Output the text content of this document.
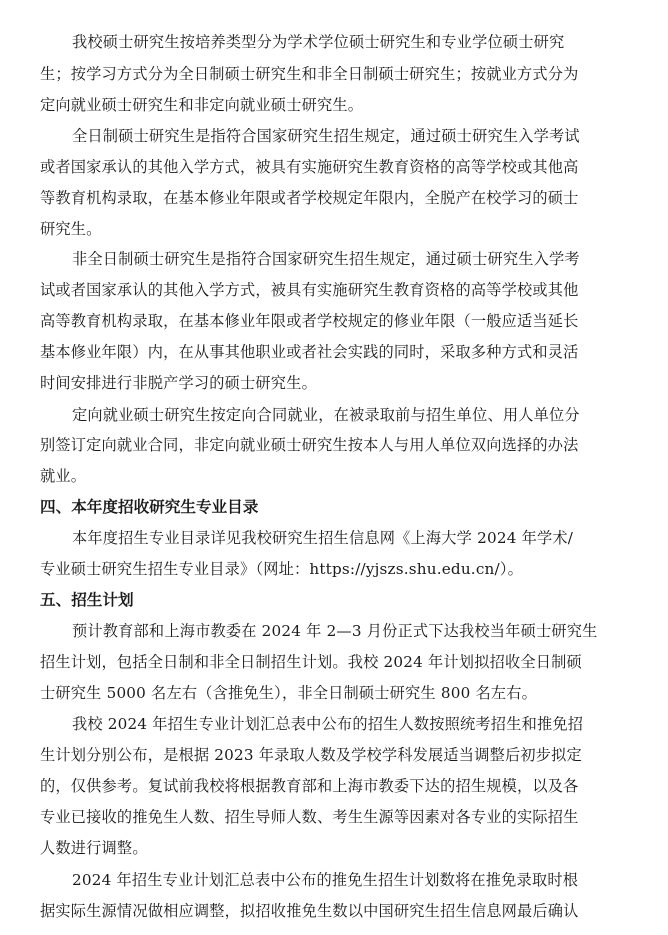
我校硕士研究生按培养类型分为学术学位硕士研究生和专业学位硕士研究
生；按学习方式分为全日制硕士研究生和非全日制硕士研究生；按就业方式分为
定向就业硕士研究生和非定向就业硕士研究生。
全日制硕士研究生是指符合国家研究生招生规定，通过硕士研究生入学考试
或者国家承认的其他入学方式，被具有实施研究生教育资格的高等学校或其他高
等教育机构录取，在基本修业年限或者学校规定年限内，全脱产在校学习的硕士
研究生。
非全日制硕士研究生是指符合国家研究生招生规定，通过硕士研究生入学考
试或者国家承认的其他入学方式，被具有实施研究生教育资格的高等学校或其他
高等教育机构录取，在基本修业年限或者学校规定的修业年限（一般应适当延长
基本修业年限）内，在从事其他职业或者社会实践的同时，采取多种方式和灵活
时间安排进行非脱产学习的硕士研究生。
定向就业硕士研究生按定向合同就业，在被录取前与招生单位、用人单位分
别签订定向就业合同，非定向就业硕士研究生按本人与用人单位双向选择的办法
就业。
四、本年度招收研究生专业目录
本年度招生专业目录详见我校研究生招生信息网《上海大学 2024 年学术/
专业硕士研究生招生专业目录》（网址：https://yjszs.shu.edu.cn/）。
五、招生计划
预计教育部和上海市教委在 2024 年 2—3 月份正式下达我校当年硕士研究生
招生计划，包括全日制和非全日制招生计划。我校 2024 年计划拟招收全日制硕
士研究生 5000 名左右（含推免生），非全日制硕士研究生 800 名左右。
我校 2024 年招生专业计划汇总表中公布的招生人数按照统考招生和推免招
生计划分别公布，是根据 2023 年录取人数及学校学科发展适当调整后初步拟定
的，仅供参考。复试前我校将根据教育部和上海市教委下达的招生规模，以及各
专业已接收的推免生人数、招生导师人数、考生生源等因素对各专业的实际招生
人数进行调整。
2024 年招生专业计划汇总表中公布的推免生招生计划数将在推免录取时根
据实际生源情况做相应调整，拟招收推免生数以中国研究生招生信息网最后确认
